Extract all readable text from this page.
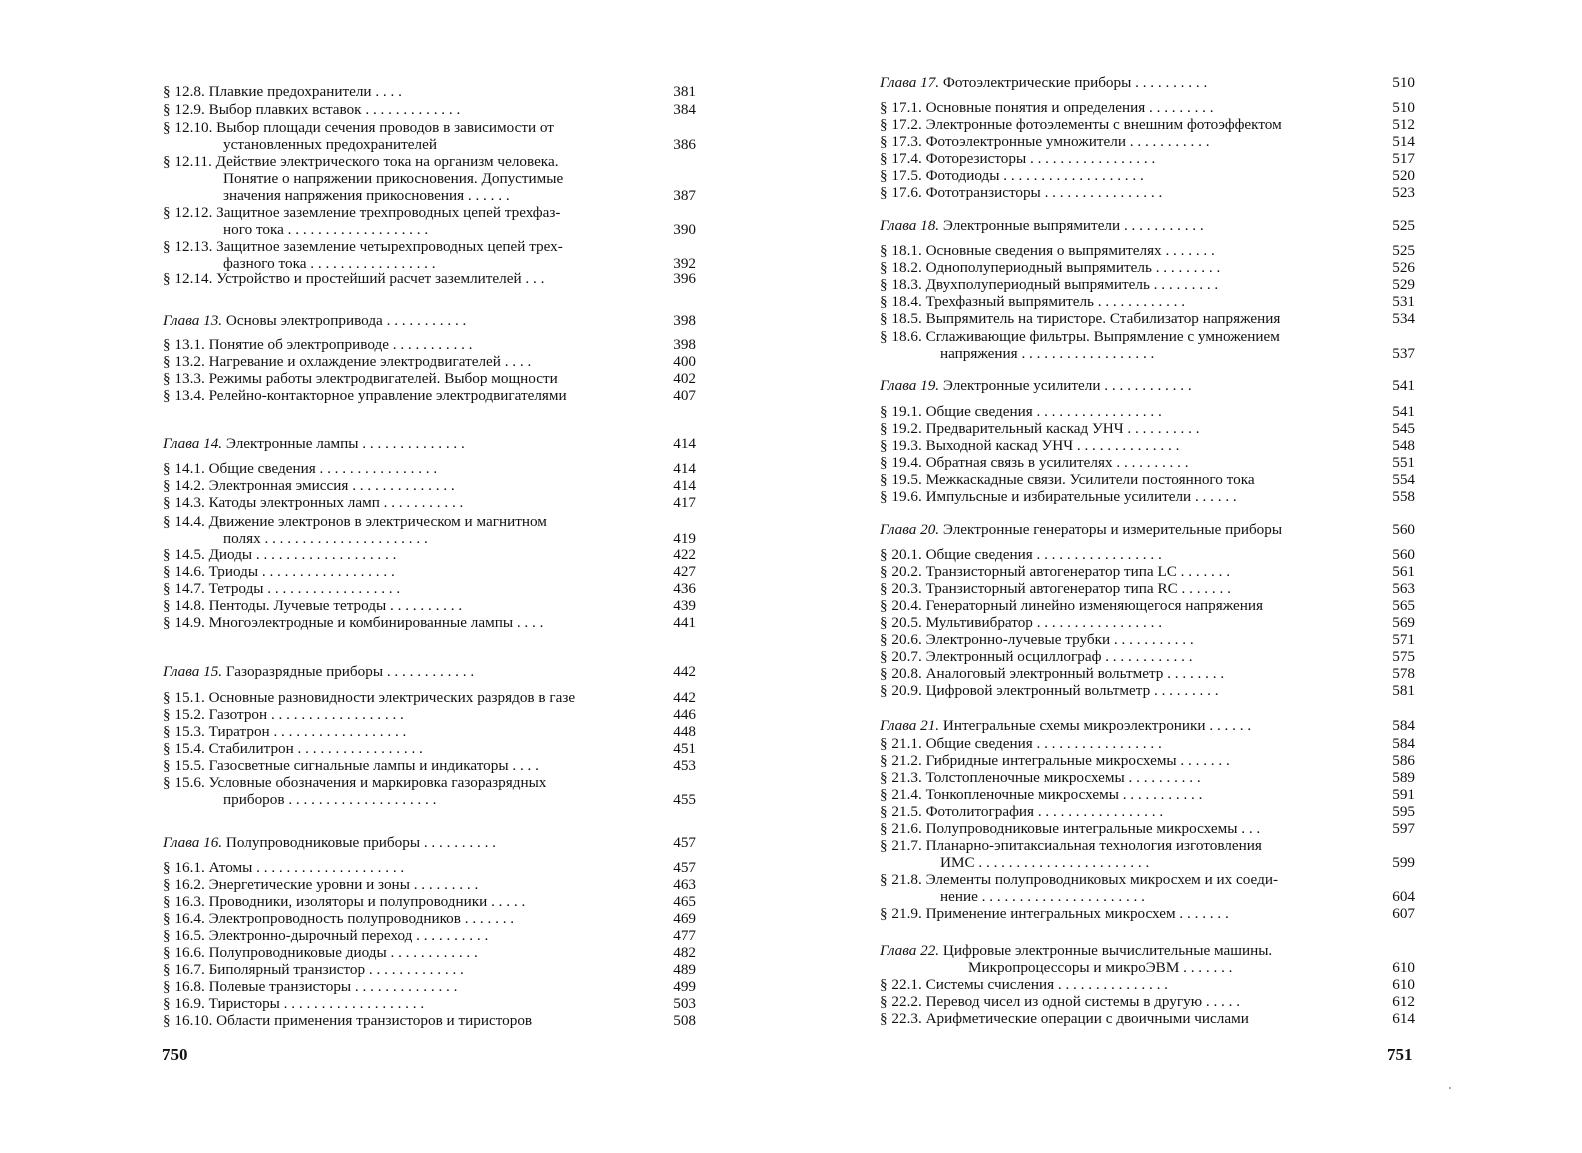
§ 12.8. Плавкие предохранители . . . .	381
§ 12.9. Выбор плавких вставок . . . . . . . . . . . . .	384
§ 12.10. Выбор площади сечения проводов в зависимости от
установленных предохранителей	386
§ 12.11. Действие электрического тока на организм человека.
Понятие о напряжении прикосновения. Допустимые
значения напряжения прикосновения . . . . . .	387
§ 12.12. Защитное заземление трехпроводных цепей трехфаз-
ного тока . . . . . . . . . . . . . . . . . . .	390
§ 12.13. Защитное заземление четырехпроводных цепей трех-
фазного тока . . . . . . . . . . . . . . . . .	392
§ 12.14. Устройство и простейший расчет заземлителей . . .	396
Глава 13. Основы электропривода . . . . . . . . . . .	398
§ 13.1. Понятие об электроприводе . . . . . . . . . . .	398
§ 13.2. Нагревание и охлаждение электродвигателей . . . .	400
§ 13.3. Режимы работы электродвигателей. Выбор мощности	402
§ 13.4. Релейно-контакторное управление электродвигателями	407
Глава 14. Электронные лампы . . . . . . . . . . . . . .	414
§ 14.1. Общие сведения . . . . . . . . . . . . . . . .	414
§ 14.2. Электронная эмиссия . . . . . . . . . . . . . .	414
§ 14.3. Катоды электронных ламп . . . . . . . . . . .	417
§ 14.4. Движение электронов в электрическом и магнитном
полях . . . . . . . . . . . . . . . . . . . . . .	419
§ 14.5. Диоды . . . . . . . . . . . . . . . . . . .	422
§ 14.6. Триоды . . . . . . . . . . . . . . . . . .	427
§ 14.7. Тетроды . . . . . . . . . . . . . . . . . .	436
§ 14.8. Пентоды. Лучевые тетроды . . . . . . . . . .	439
§ 14.9. Многоэлектродные и комбинированные лампы . . . .	441
Глава 15. Газоразрядные приборы . . . . . . . . . . . .	442
§ 15.1. Основные разновидности электрических разрядов в газе	442
§ 15.2. Газотрон . . . . . . . . . . . . . . . . . .	446
§ 15.3. Тиратрон . . . . . . . . . . . . . . . . . .	448
§ 15.4. Стабилитрон . . . . . . . . . . . . . . . . .	451
§ 15.5. Газосветные сигнальные лампы и индикаторы . . . .	453
§ 15.6. Условные обозначения и маркировка газоразрядных
приборов . . . . . . . . . . . . . . . . . . . .	455
Глава 16. Полупроводниковые приборы . . . . . . . . . .	457
§ 16.1. Атомы . . . . . . . . . . . . . . . . . . . .	457
§ 16.2. Энергетические уровни и зоны . . . . . . . . .	463
§ 16.3. Проводники, изоляторы и полупроводники . . . . .	465
§ 16.4. Электропроводность полупроводников . . . . . . .	469
§ 16.5. Электронно-дырочный переход . . . . . . . . . .	477
§ 16.6. Полупроводниковые диоды . . . . . . . . . . . .	482
§ 16.7. Биполярный транзистор . . . . . . . . . . . . .	489
§ 16.8. Полевые транзисторы . . . . . . . . . . . . . .	499
§ 16.9. Тиристоры . . . . . . . . . . . . . . . . . . .	503
§ 16.10. Области применения транзисторов и тиристоров	508
750
Глава 17. Фотоэлектрические приборы . . . . . . . . . .	510
§ 17.1. Основные понятия и определения . . . . . . . . .	510
§ 17.2. Электронные фотоэлементы с внешним фотоэффектом	512
§ 17.3. Фотоэлектронные умножители . . . . . . . . . . .	514
§ 17.4. Фоторезисторы . . . . . . . . . . . . . . . . .	517
§ 17.5. Фотодиоды . . . . . . . . . . . . . . . . . . .	520
§ 17.6. Фототранзисторы . . . . . . . . . . . . . . . .	523
Глава 18. Электронные выпрямители . . . . . . . . . . .	525
§ 18.1. Основные сведения о выпрямителях . . . . . . .	525
§ 18.2. Однополупериодный выпрямитель . . . . . . . . .	526
§ 18.3. Двухполупериодный выпрямитель . . . . . . . . .	529
§ 18.4. Трехфазный выпрямитель . . . . . . . . . . . .	531
§ 18.5. Выпрямитель на тиристоре. Стабилизатор напряжения	534
§ 18.6. Сглаживающие фильтры. Выпрямление с умножением
напряжения . . . . . . . . . . . . . . . . . .	537
Глава 19. Электронные усилители . . . . . . . . . . . .	541
§ 19.1. Общие сведения . . . . . . . . . . . . . . . . .	541
§ 19.2. Предварительный каскад УНЧ . . . . . . . . . .	545
§ 19.3. Выходной каскад УНЧ . . . . . . . . . . . . . .	548
§ 19.4. Обратная связь в усилителях . . . . . . . . . .	551
§ 19.5. Межкаскадные связи. Усилители постоянного тока	554
§ 19.6. Импульсные и избирательные усилители . . . . . .	558
Глава 20. Электронные генераторы и измерительные приборы	560
§ 20.1. Общие сведения . . . . . . . . . . . . . . . . .	560
§ 20.2. Транзисторный автогенератор типа LC . . . . . . .	561
§ 20.3. Транзисторный автогенератор типа RC . . . . . . .	563
§ 20.4. Генераторный линейно изменяющегося напряжения	565
§ 20.5. Мультивибратор . . . . . . . . . . . . . . . . .	569
§ 20.6. Электронно-лучевые трубки . . . . . . . . . . .	571
§ 20.7. Электронный осциллограф . . . . . . . . . . . .	575
§ 20.8. Аналоговый электронный вольтметр . . . . . . . .	578
§ 20.9. Цифровой электронный вольтметр . . . . . . . . .	581
Глава 21. Интегральные схемы микроэлектроники . . . . . .	584
§ 21.1. Общие сведения . . . . . . . . . . . . . . . . .	584
§ 21.2. Гибридные интегральные микросхемы . . . . . . .	586
§ 21.3. Толстопленочные микросхемы . . . . . . . . . .	589
§ 21.4. Тонкопленочные микросхемы . . . . . . . . . . .	591
§ 21.5. Фотолитография . . . . . . . . . . . . . . . . .	595
§ 21.6. Полупроводниковые интегральные микросхемы . . .	597
§ 21.7. Планарно-эпитаксиальная технология изготовления
ИМС . . . . . . . . . . . . . . . . . . . . . . .	599
§ 21.8. Элементы полупроводниковых микросхем и их соеди-
нение . . . . . . . . . . . . . . . . . . . . . .	604
§ 21.9. Применение интегральных микросхем . . . . . . .	607
Глава 22. Цифровые электронные вычислительные машины.
Микропроцессоры и микроЭВМ . . . . . . .	610
§ 22.1. Системы счисления . . . . . . . . . . . . . . .	610
§ 22.2. Перевод чисел из одной системы в другую . . . . .	612
§ 22.3. Арифметические операции с двоичными числами	614
751
